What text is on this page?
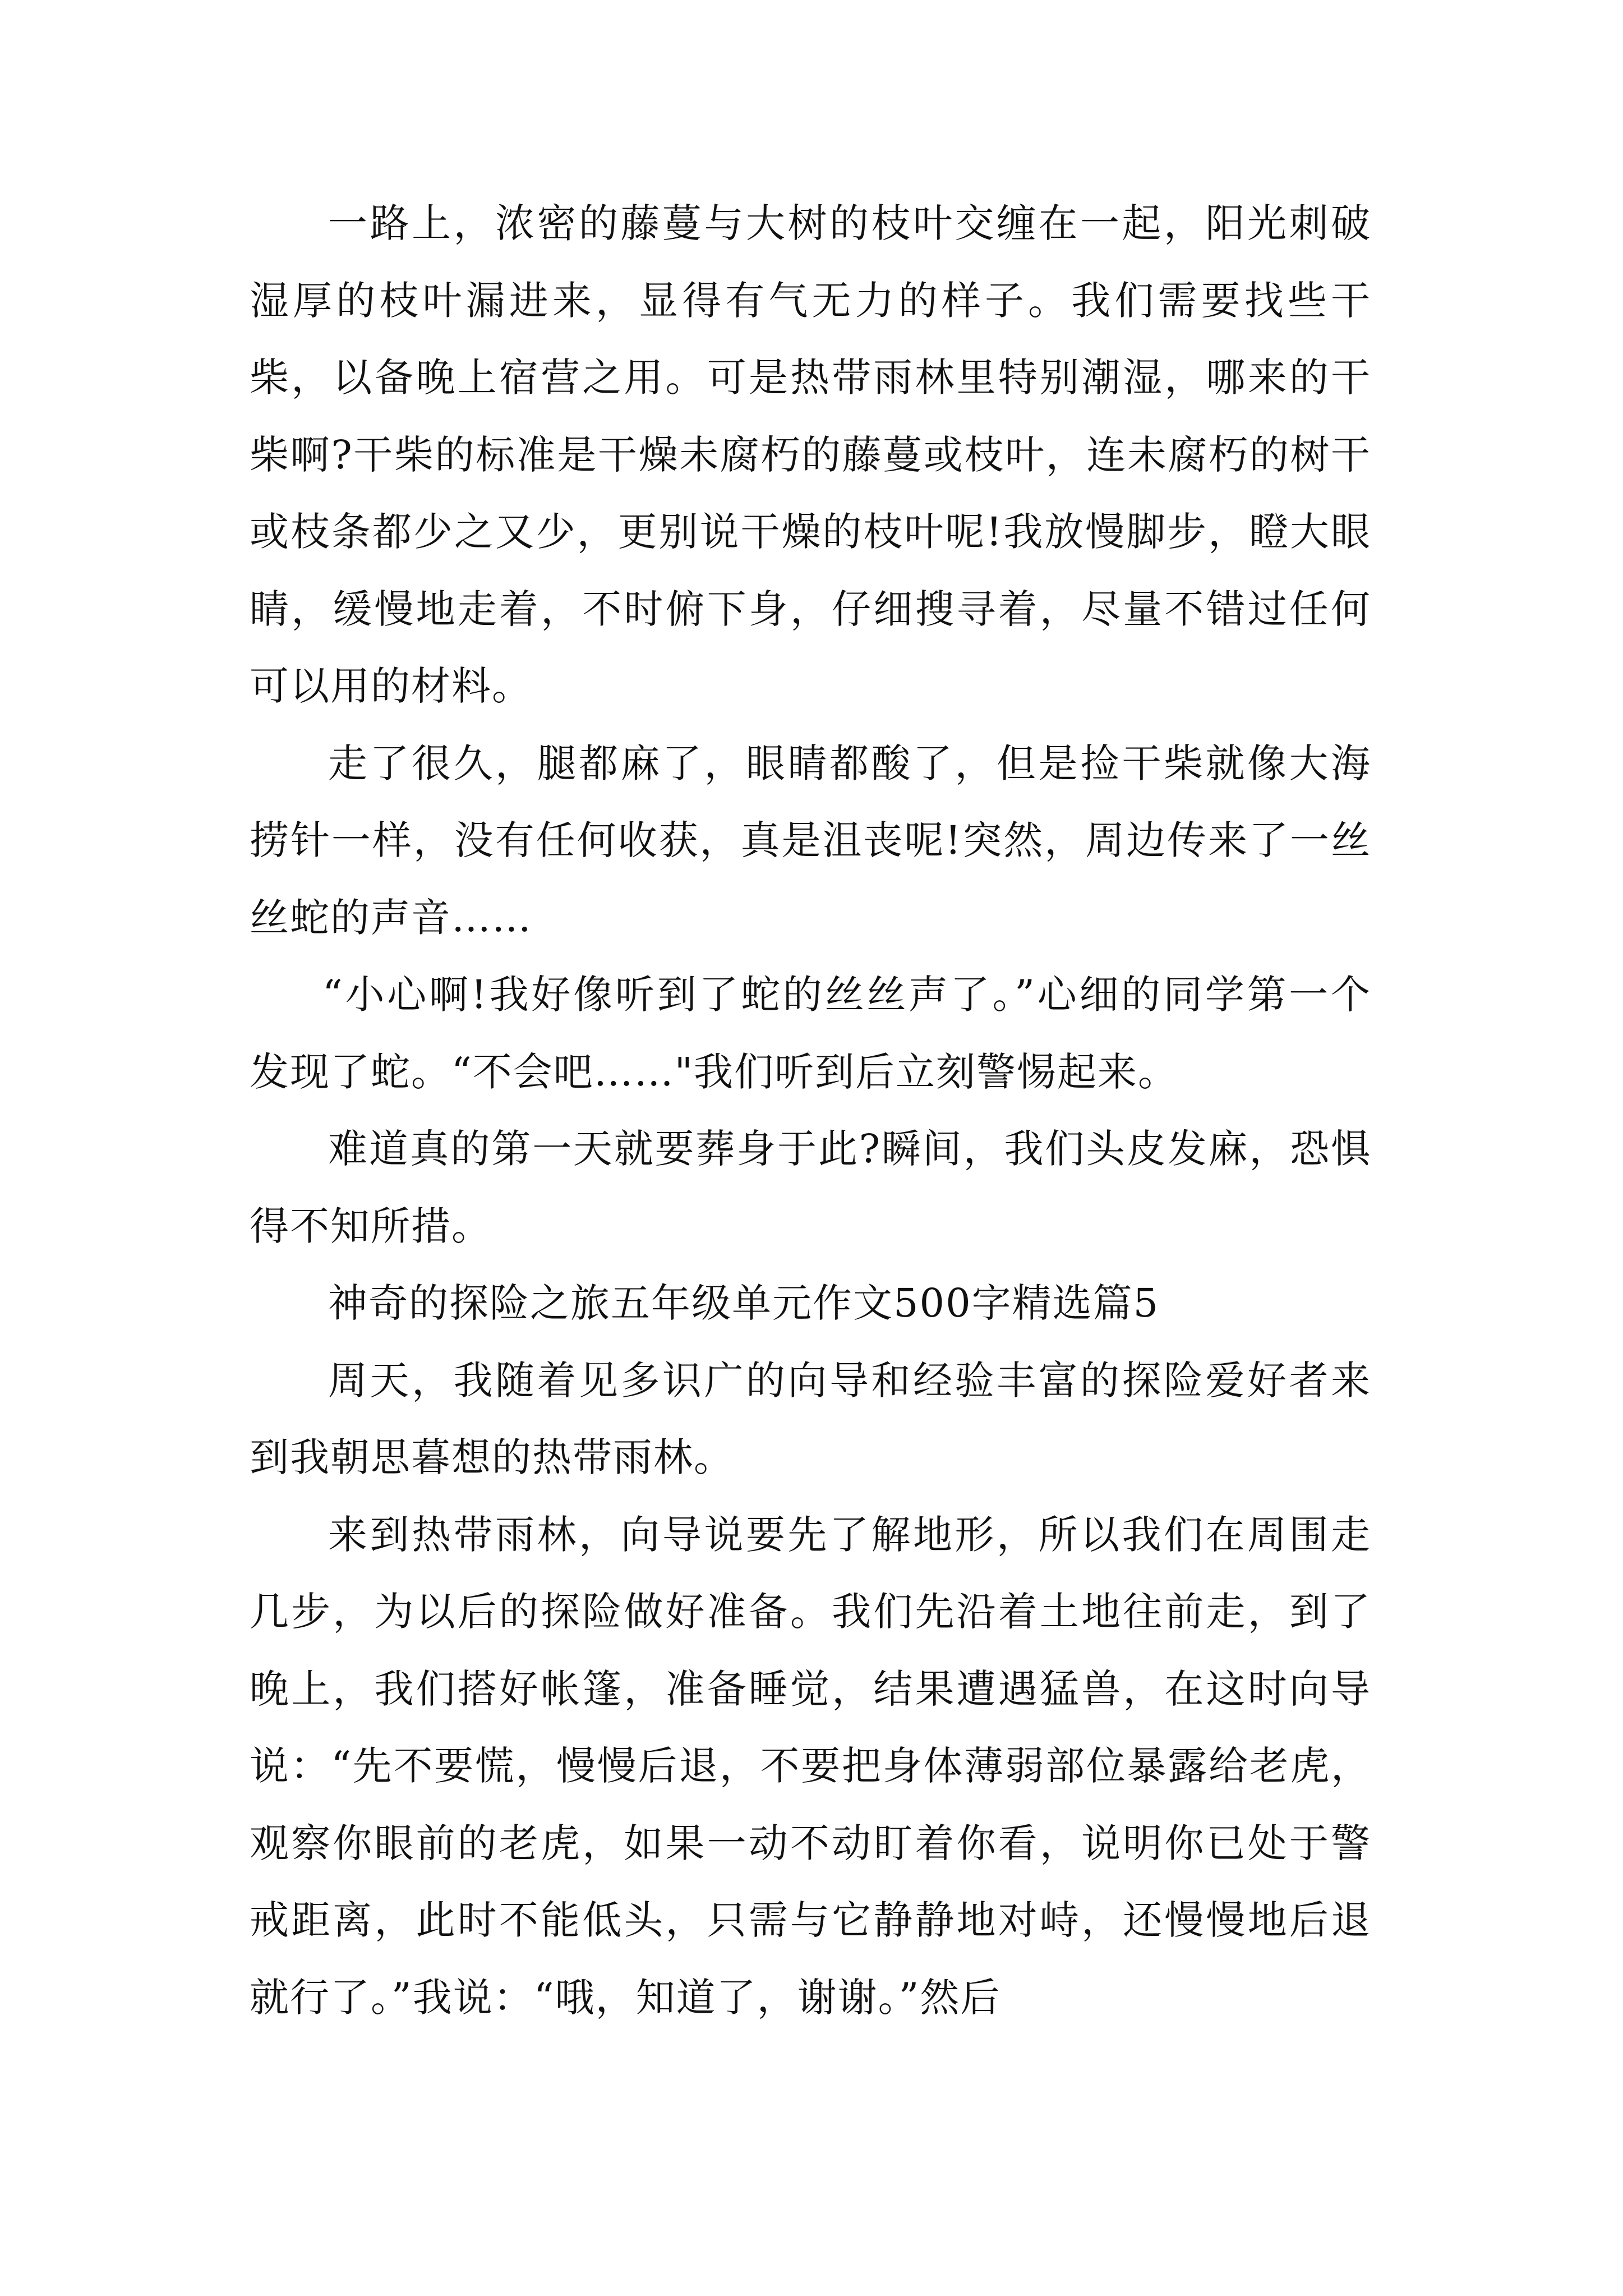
一路上，浓密的藤蔓与大树的枝叶交缠在一起，阳光刺破湿厚的枝叶漏进来，显得有气无力的样子。我们需要找些干柴，以备晚上宿营之用。可是热带雨林里特别潮湿，哪来的干柴啊?干柴的标准是干燥未腐朽的藤蔓或枝叶，连未腐朽的树干或枝条都少之又少，更别说干燥的枝叶呢!我放慢脚步，瞪大眼睛，缓慢地走着，不时俯下身，仔细搜寻着，尽量不错过任何可以用的材料。

走了很久，腿都麻了，眼睛都酸了，但是捡干柴就像大海捞针一样，没有任何收获，真是沮丧呢!突然，周边传来了一丝丝蛇的声音……

“小心啊!我好像听到了蛇的丝丝声了。”心细的同学第一个发现了蛇。“不会吧……"我们听到后立刻警惕起来。

难道真的第一天就要葬身于此?瞬间，我们头皮发麻，恐惧得不知所措。

神奇的探险之旅五年级单元作文500字精选篇5

周天，我随着见多识广的向导和经验丰富的探险爱好者来到我朝思暮想的热带雨林。

来到热带雨林，向导说要先了解地形，所以我们在周围走几步，为以后的探险做好准备。我们先沿着土地往前走，到了晚上，我们搭好帐篷，准备睡觉，结果遭遇猛兽，在这时向导说：“先不要慌，慢慢后退，不要把身体薄弱部位暴露给老虎，观察你眼前的老虎，如果一动不动盯着你看，说明你已处于警戒距离，此时不能低头，只需与它静静地对峙，还慢慢地后退就行了。”我说：“哦，知道了，谢谢。”然后
